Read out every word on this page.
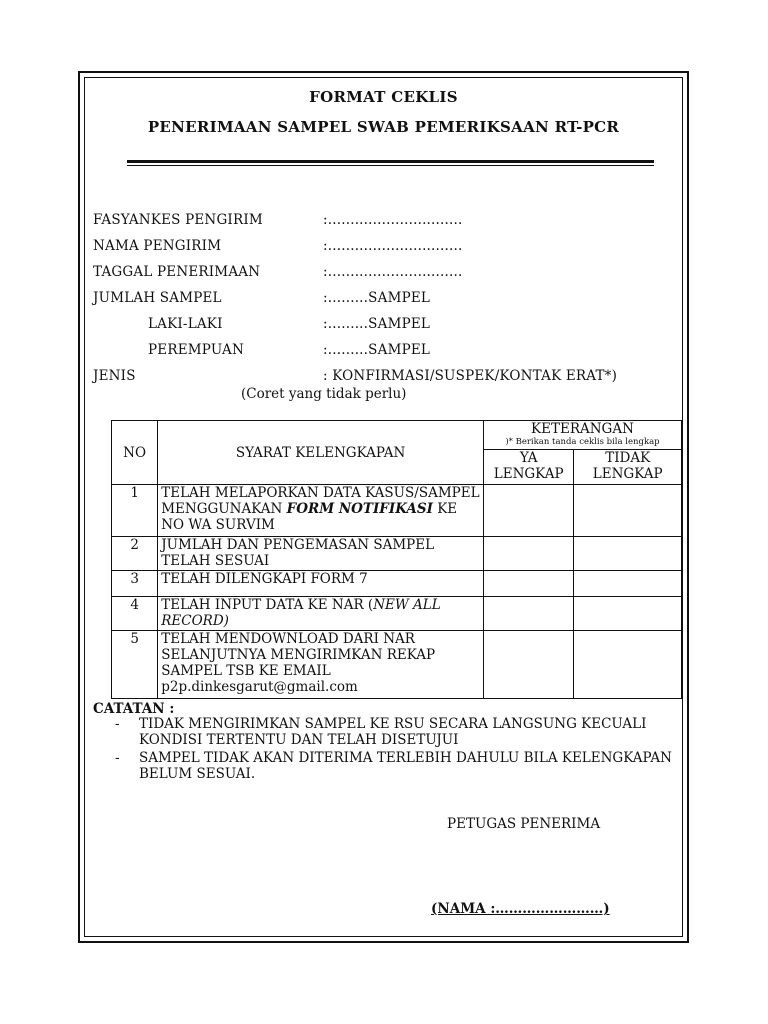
FORMAT CEKLIS
PENERIMAAN SAMPEL SWAB PEMERIKSAAN RT-PCR
FASYANKES PENGIRIM	:..............................
NAMA PENGIRIM	:..............................
TAGGAL PENERIMAAN	:..............................
JUMLAH SAMPEL	:.........SAMPEL
LAKI-LAKI	:.........SAMPEL
PEREMPUAN	:.........SAMPEL
JENIS	: KONFIRMASI/SUSPEK/KONTAK ERAT*)
(Coret yang tidak perlu)
NO	SYARAT KELENGKAPAN	KETERANGAN
)* Berikan tanda ceklis bila lengkap	

		YA LENGKAP	TIDAK LENGKAP
1	TELAH MELAPORKAN DATA KASUS/SAMPEL MENGGUNAKAN FORM NOTIFIKASI KE NO WA SURVIM		
2	JUMLAH DAN PENGEMASAN SAMPEL TELAH SESUAI		
3	TELAH DILENGKAPI FORM 7		
4	TELAH INPUT DATA KE NAR (NEW ALL RECORD)		
5	TELAH MENDOWNLOAD DARI NAR SELANJUTNYA MENGIRIMKAN REKAP SAMPEL TSB KE EMAIL
p2p.dinkesgarut@gmail.com		
CATATAN :
- TIDAK MENGIRIMKAN SAMPEL KE RSU SECARA LANGSUNG KECUALI KONDISI TERTENTU DAN TELAH DISETUJUI
- SAMPEL TIDAK AKAN DITERIMA TERLEBIH DAHULU BILA KELENGKAPAN BELUM SESUAI.
PETUGAS PENERIMA
(NAMA :……………………)
